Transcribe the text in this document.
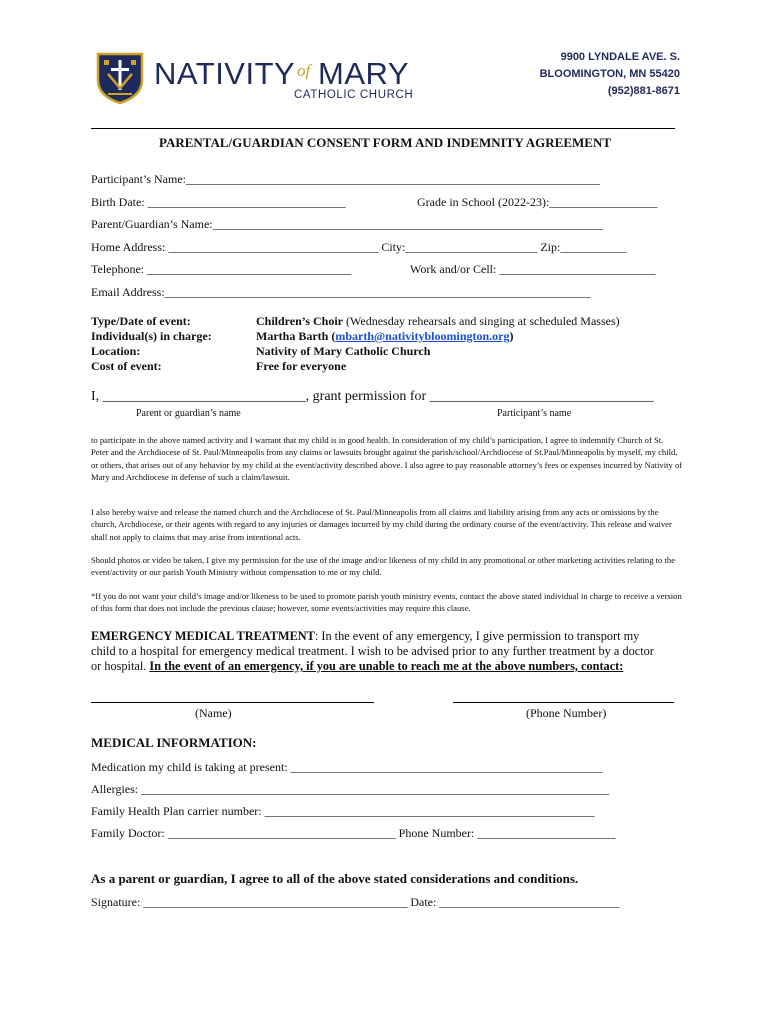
NATIVITY of MARY
CATHOLIC CHURCH
9900 LYNDALE AVE. S.
BLOOMINGTON, MN 55420
(952)881-8671
PARENTAL/GUARDIAN CONSENT FORM AND INDEMNITY AGREEMENT
Participant’s Name:_____________________________________________________________________
Birth Date: _________________________________	Grade in School (2022-23):__________________
Parent/Guardian’s Name:_________________________________________________________________
Home Address: ___________________________________ City:______________________ Zip:___________
Telephone: __________________________________	Work and/or Cell: __________________________
Email Address:_______________________________________________________________________
Type/Date of event:	Children’s Choir (Wednesday rehearsals and singing at scheduled Masses)
Individual(s) in charge:	Martha Barth (mbarth@nativitybloomington.org)
Location:	Nativity of Mary Catholic Church
Cost of event:	Free for everyone
I, _____________________________, grant permission for ________________________________
Parent or guardian’s name	Participant’s name

to participate in the above named activity and I warrant that my child is in good health. In consideration of my child’s participation, I agree to indemnify Church of St. Peter and the Archdiocese of St. Paul/Minneapolis from any claims or lawsuits brought against the parish/school/Archdiocese of St.Paul/Minneapolis by myself, my child, or others, that arises out of any behavior by my child at the event/activity described above. I also agree to pay reasonable attorney’s fees or expenses incurred by Nativity of Mary and Archdiocese in defense of such a claim/lawsuit.

I also hereby waive and release the named church and the Archdiocese of St. Paul/Minneapolis from all claims and liability arising from any acts or omissions by the church, Archdiocese, or their agents with regard to any injuries or damages incurred by my child during the ordinary course of the event/activity. This release and waiver shall not apply to claims that may arise from intentional acts.

Should photos or video be taken, I give my permission for the use of the image and/or likeness of my child in any promotional or other marketing activities relating to the event/activity or our parish Youth Ministry without compensation to me or my child.

*If you do not want your child’s image and/or likeness to be used to promote parish youth ministry events, contact the above stated individual in charge to receive a version of this form that does not include the previous clause; however, some events/activities may require this clause.

EMERGENCY MEDICAL TREATMENT: In the event of any emergency, I give permission to transport my
child to a hospital for emergency medical treatment. I wish to be advised prior to any further treatment by a doctor
or hospital. In the event of an emergency, if you are unable to reach me at the above numbers, contact:
(Name)	(Phone Number)
MEDICAL INFORMATION:
Medication my child is taking at present: ____________________________________________________
Allergies: ______________________________________________________________________________
Family Health Plan carrier number: _______________________________________________________
Family Doctor: ______________________________________ Phone Number: _______________________
As a parent or guardian, I agree to all of the above stated considerations and conditions.
Signature: ____________________________________________ Date: ______________________________
